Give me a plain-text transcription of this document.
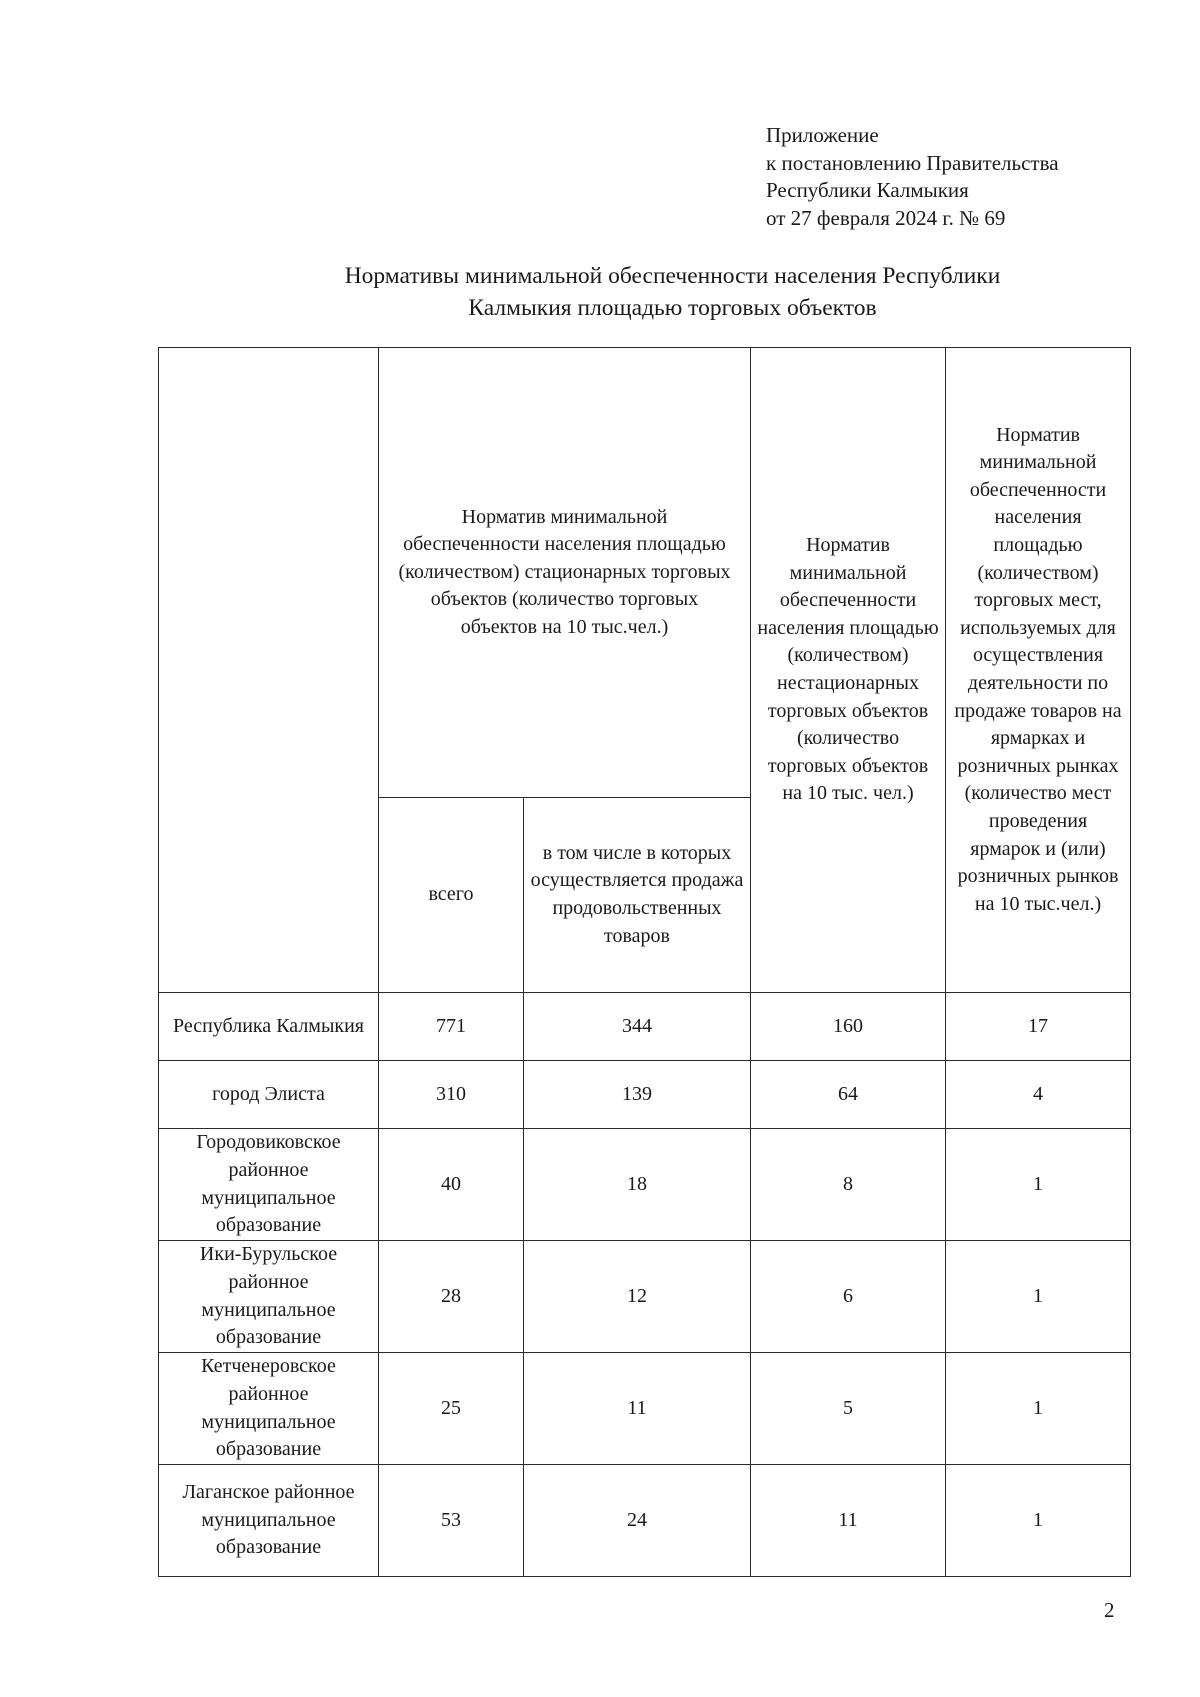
Приложение
к постановлению Правительства
Республики Калмыкия
от 27 февраля 2024 г. № 69
Нормативы минимальной обеспеченности населения Республики
Калмыкия площадью торговых объектов
	Норматив минимальной обеспеченности населения площадью (количеством) стационарных торговых объектов (количество торговых объектов на 10 тыс.чел.)		Норматив минимальной обеспеченности населения площадью (количеством) нестационарных торговых объектов (количество торговых объектов на 10 тыс. чел.)	Норматив минимальной обеспеченности населения площадью (количеством) торговых мест, используемых для осуществления деятельности по продаже товаров на ярмарках и розничных рынках (количество мест проведения ярмарок и (или) розничных рынков на 10 тыс.чел.)
	всего	в том числе в которых осуществляется продажа продовольственных товаров		
Республика Калмыкия	771	344	160	17
город Элиста	310	139	64	4
Городовиковское районное муниципальное образование	40	18	8	1
Ики-Бурульское районное муниципальное образование	28	12	6	1
Кетченеровское районное муниципальное образование	25	11	5	1
Лаганское районное муниципальное образование	53	24	11	1
2
